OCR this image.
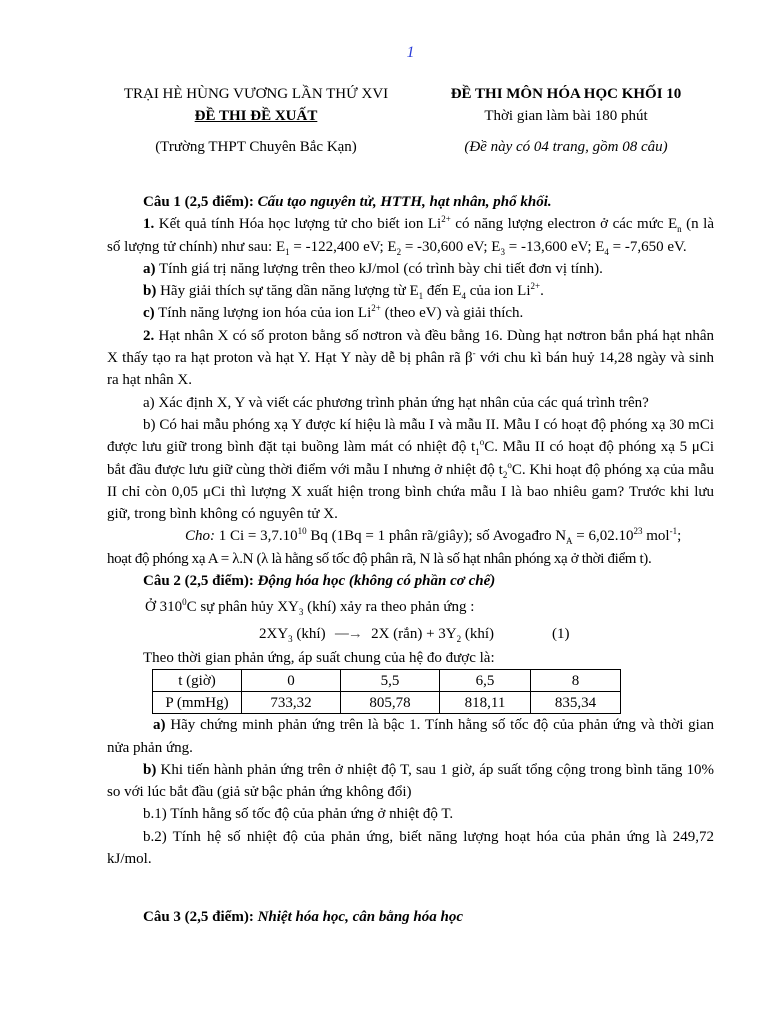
1
TRẠI HÈ HÙNG VƯƠNG LẦN THỨ XVI	ĐỀ THI MÔN HÓA HỌC KHỐI 10
ĐỀ THI ĐỀ XUẤT	Thời gian làm bài 180 phút
(Trường THPT Chuyên Bắc Kạn)	(Đề này có 04 trang, gồm 08 câu)

Câu 1 (2,5 điểm): Cấu tạo nguyên tử, HTTH, hạt nhân, phổ khối.

1. Kết quả tính Hóa học lượng tử cho biết ion $Li^{2+}$ có năng lượng electron ở các mức $E_n$ (n là số lượng tử chính) như sau: $E_1 = -122,400$ eV; $E_2 = -30,600$ eV; $E_3 = -13,600$ eV; $E_4 = -7,650$ eV.

a) Tính giá trị năng lượng trên theo kJ/mol (có trình bày chi tiết đơn vị tính).

b) Hãy giải thích sự tăng dần năng lượng từ $E_1$ đến $E_4$ của ion $Li^{2+}$.

c) Tính năng lượng ion hóa của ion $Li^{2+}$ (theo eV) và giải thích.

2. Hạt nhân X có số proton bằng số nơtron và đều bằng 16. Dùng hạt nơtron bắn phá hạt nhân X thấy tạo ra hạt proton và hạt Y. Hạt Y này dễ bị phân rã β- với chu kì bán huỷ 14,28 ngày và sinh ra hạt nhân X.

a) Xác định X, Y và viết các phương trình phản ứng hạt nhân của các quá trình trên?

b) Có hai mẫu phóng xạ Y được kí hiệu là mẫu I và mẫu II. Mẫu I có hoạt độ phóng xạ 30 mCi được lưu giữ trong bình đặt tại buồng làm mát có nhiệt độ $t_1^oC$. Mẫu II có hoạt độ phóng xạ 5 μCi bắt đầu được lưu giữ cùng thời điểm với mẫu I nhưng ở nhiệt độ $t_2^oC$. Khi hoạt độ phóng xạ của mẫu II chỉ còn 0,05 μCi thì lượng X xuất hiện trong bình chứa mẫu I là bao nhiêu gam? Trước khi lưu giữ, trong bình không có nguyên tử X.

Cho: 1 $Ci = 3,7.10^{10}$ Bq (1Bq = 1 phân rã/giây); số Avogađro $N_A = 6,02.10^{23}$ mol$^{-1}$;

hoạt độ phóng xạ A = λ.N (λ là hằng số tốc độ phân rã, N là số hạt nhân phóng xạ ở thời điểm t).

Câu 2 (2,5 điểm): Động hóa học (không có phần cơ chế)

Ở $310^0C$ sự phân hủy $XY_3$ (khí) xảy ra theo phản ứng :

$2XY_3$ (khí) ⎯⎯→ 2X (rắn) + $3Y_2$ (khí)	(1)

Theo thời gian phản ứng, áp suất chung của hệ đo được là:

t (giờ)	0	5,5	6,5	8
P (mmHg)	733,32	805,78	818,11	835,34

a) Hãy chứng minh phản ứng trên là bậc 1. Tính hằng số tốc độ của phản ứng và thời gian nửa phản ứng.

b) Khi tiến hành phản ứng trên ở nhiệt độ T, sau 1 giờ, áp suất tổng cộng trong bình tăng 10% so với lúc bắt đầu (giả sử bậc phản ứng không đổi)

b.1) Tính hằng số tốc độ của phản ứng ở nhiệt độ T.

b.2) Tính hệ số nhiệt độ của phản ứng, biết năng lượng hoạt hóa của phản ứng là 249,72 kJ/mol.

Câu 3 (2,5 điểm): Nhiệt hóa học, cân bằng hóa học
